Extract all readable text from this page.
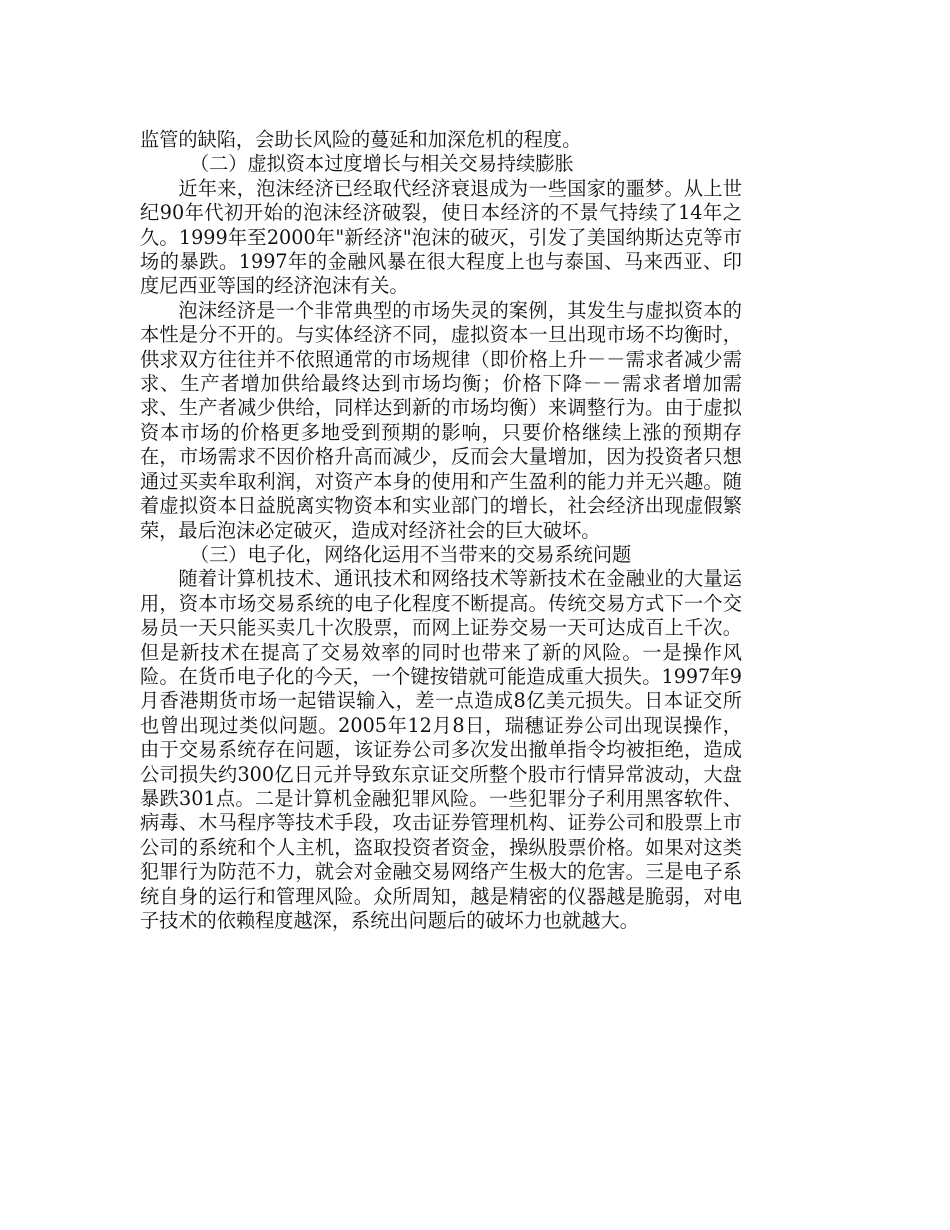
监管的缺陷，会助长风险的蔓延和加深危机的程度。

（二）虚拟资本过度增长与相关交易持续膨胀

近年来，泡沫经济已经取代经济衰退成为一些国家的噩梦。从上世纪90年代初开始的泡沫经济破裂，使日本经济的不景气持续了14年之久。1999年至2000年"新经济"泡沫的破灭，引发了美国纳斯达克等市场的暴跌。1997年的金融风暴在很大程度上也与泰国、马来西亚、印度尼西亚等国的经济泡沫有关。

泡沫经济是一个非常典型的市场失灵的案例，其发生与虚拟资本的本性是分不开的。与实体经济不同，虚拟资本一旦出现市场不均衡时，供求双方往往并不依照通常的市场规律（即价格上升－－需求者减少需求、生产者增加供给最终达到市场均衡；价格下降－－需求者增加需求、生产者减少供给，同样达到新的市场均衡）来调整行为。由于虚拟资本市场的价格更多地受到预期的影响，只要价格继续上涨的预期存在，市场需求不因价格升高而减少，反而会大量增加，因为投资者只想通过买卖牟取利润，对资产本身的使用和产生盈利的能力并无兴趣。随着虚拟资本日益脱离实物资本和实业部门的增长，社会经济出现虚假繁荣，最后泡沫必定破灭，造成对经济社会的巨大破坏。

（三）电子化，网络化运用不当带来的交易系统问题

随着计算机技术、通讯技术和网络技术等新技术在金融业的大量运用，资本市场交易系统的电子化程度不断提高。传统交易方式下一个交易员一天只能买卖几十次股票，而网上证券交易一天可达成百上千次。但是新技术在提高了交易效率的同时也带来了新的风险。一是操作风险。在货币电子化的今天，一个键按错就可能造成重大损失。1997年9月香港期货市场一起错误输入，差一点造成8亿美元损失。日本证交所也曾出现过类似问题。2005年12月8日，瑞穗证券公司出现误操作，由于交易系统存在问题，该证券公司多次发出撤单指令均被拒绝，造成公司损失约300亿日元并导致东京证交所整个股市行情异常波动，大盘暴跌301点。二是计算机金融犯罪风险。一些犯罪分子利用黑客软件、病毒、木马程序等技术手段，攻击证券管理机构、证券公司和股票上市公司的系统和个人主机，盗取投资者资金，操纵股票价格。如果对这类犯罪行为防范不力，就会对金融交易网络产生极大的危害。三是电子系统自身的运行和管理风险。众所周知，越是精密的仪器越是脆弱，对电子技术的依赖程度越深，系统出问题后的破坏力也就越大。
